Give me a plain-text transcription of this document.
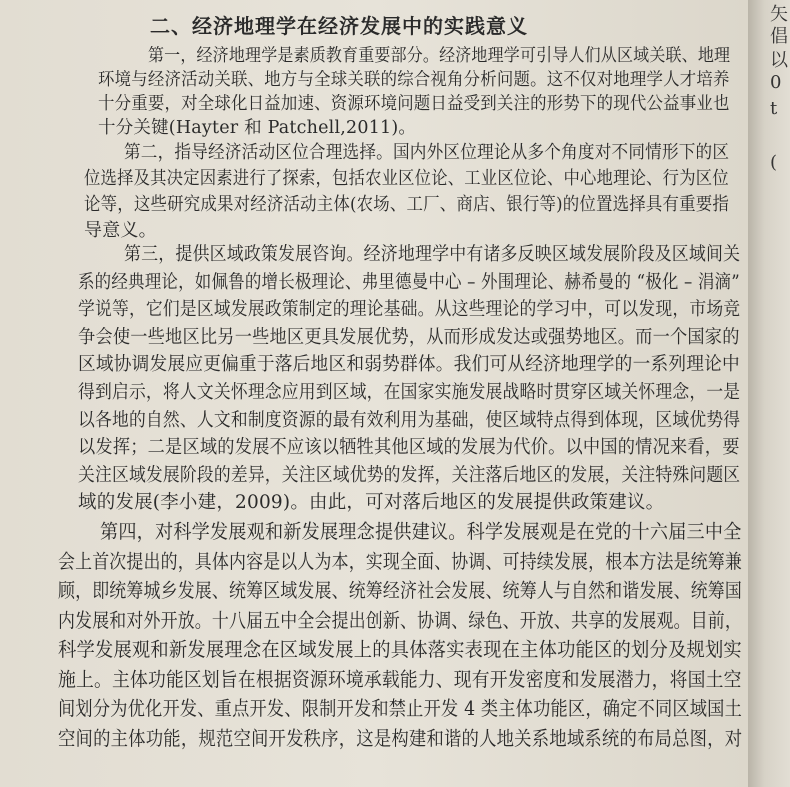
二、经济地理学在经济发展中的实践意义
第一，经济地理学是素质教育重要部分。经济地理学可引导人们从区域关联、地理
环境与经济活动关联、地方与全球关联的综合视角分析问题。这不仅对地理学人才培养
十分重要，对全球化日益加速、资源环境问题日益受到关注的形势下的现代公益事业也
十分关键(Hayter 和 Patchell,2011)。
第二，指导经济活动区位合理选择。国内外区位理论从多个角度对不同情形下的区
位选择及其决定因素进行了探索，包括农业区位论、工业区位论、中心地理论、行为区位
论等，这些研究成果对经济活动主体(农场、工厂、商店、银行等)的位置选择具有重要指
导意义。
第三，提供区域政策发展咨询。经济地理学中有诸多反映区域发展阶段及区域间关
系的经典理论，如佩鲁的增长极理论、弗里德曼中心 – 外围理论、赫希曼的 “极化 – 涓滴”
学说等，它们是区域发展政策制定的理论基础。从这些理论的学习中，可以发现，市场竞
争会使一些地区比另一些地区更具发展优势，从而形成发达或强势地区。而一个国家的
区域协调发展应更偏重于落后地区和弱势群体。我们可从经济地理学的一系列理论中
得到启示，将人文关怀理念应用到区域，在国家实施发展战略时贯穿区域关怀理念，一是
以各地的自然、人文和制度资源的最有效利用为基础，使区域特点得到体现，区域优势得
以发挥；二是区域的发展不应该以牺牲其他区域的发展为代价。以中国的情况来看，要
关注区域发展阶段的差异，关注区域优势的发挥，关注落后地区的发展，关注特殊问题区
域的发展(李小建，2009)。由此，可对落后地区的发展提供政策建议。
第四，对科学发展观和新发展理念提供建议。科学发展观是在党的十六届三中全
会上首次提出的，具体内容是以人为本，实现全面、协调、可持续发展，根本方法是统筹兼
顾，即统筹城乡发展、统筹区域发展、统筹经济社会发展、统筹人与自然和谐发展、统筹国
内发展和对外开放。十八届五中全会提出创新、协调、绿色、开放、共享的发展观。目前，
科学发展观和新发展理念在区域发展上的具体落实表现在主体功能区的划分及规划实
施上。主体功能区划旨在根据资源环境承载能力、现有开发密度和发展潜力，将国土空
间划分为优化开发、重点开发、限制开发和禁止开发 4 类主体功能区，确定不同区域国土
空间的主体功能，规范空间开发秩序，这是构建和谐的人地关系地域系统的布局总图，对
矢
倡
以
0
t
(
